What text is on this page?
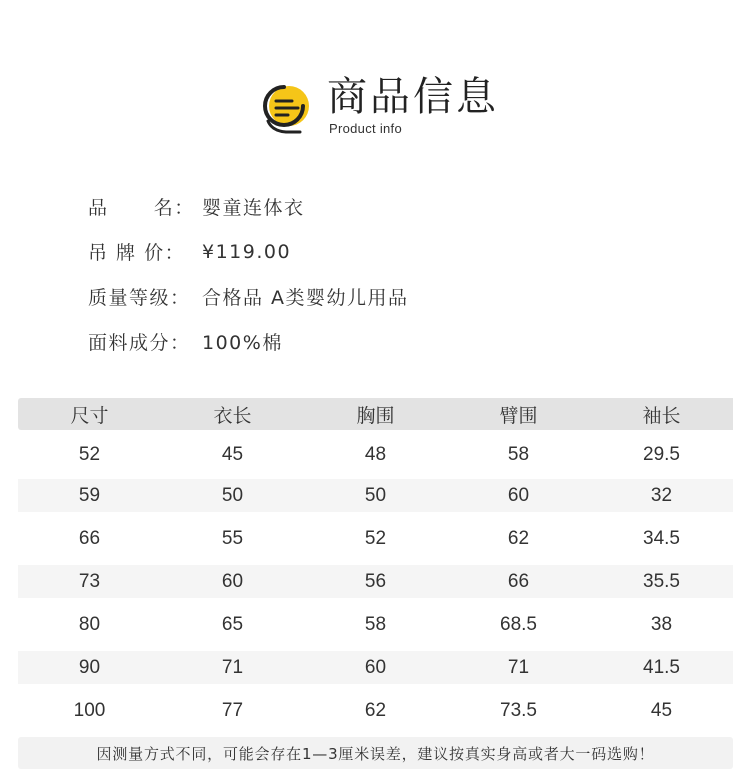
商品信息
Product info
品      名： 婴童连体衣
吊 牌 价： ¥119.00
质量等级： 合格品 A类婴幼儿用品
面料成分： 100%棉
尺寸	衣长	胸围	臂围	袖长
52	45	48	58	29.5
59	50	50	60	32
66	55	52	62	34.5
73	60	56	66	35.5
80	65	58	68.5	38
90	71	60	71	41.5
100	77	62	73.5	45
因测量方式不同，可能会存在1—3厘米误差，建议按真实身高或者大一码选购！
